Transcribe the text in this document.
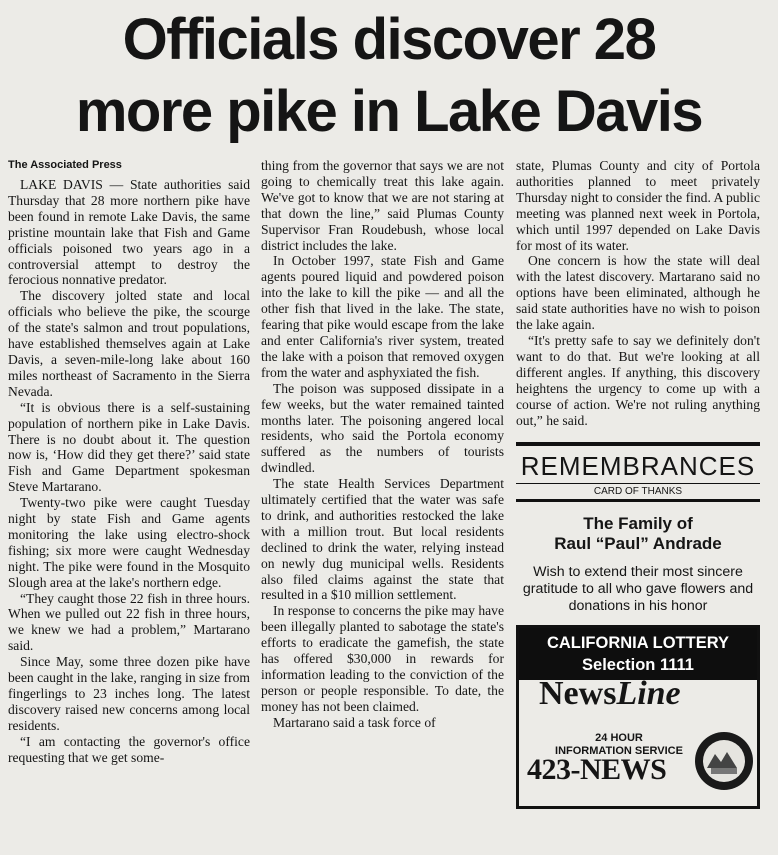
Officials discover 28
more pike in Lake Davis
The Associated Press

LAKE DAVIS — State authorities said Thursday that 28 more northern pike have been found in remote Lake Davis, the same pristine mountain lake that Fish and Game officials poisoned two years ago in a controversial attempt to destroy the ferocious nonnative predator.

The discovery jolted state and local officials who believe the pike, the scourge of the state's salmon and trout populations, have established themselves again at Lake Davis, a seven-mile-long lake about 160 miles northeast of Sacramento in the Sierra Nevada.

“It is obvious there is a self-sustaining population of northern pike in Lake Davis. There is no doubt about it. The question now is, ‘How did they get there?’ said state Fish and Game Department spokesman Steve Martarano.

Twenty-two pike were caught Tuesday night by state Fish and Game agents monitoring the lake using electro-shock fishing; six more were caught Wednesday night. The pike were found in the Mosquito Slough area at the lake's northern edge.

“They caught those 22 fish in three hours. When we pulled out 22 fish in three hours, we knew we had a problem,” Martarano said.

Since May, some three dozen pike have been caught in the lake, ranging in size from fingerlings to 23 inches long. The latest discovery raised new concerns among local residents.

“I am contacting the governor's office requesting that we get some-

thing from the governor that says we are not going to chemically treat this lake again. We've got to know that we are not staring at that down the line,” said Plumas County Supervisor Fran Roudebush, whose local district includes the lake.

In October 1997, state Fish and Game agents poured liquid and powdered poison into the lake to kill the pike — and all the other fish that lived in the lake. The state, fearing that pike would escape from the lake and enter California's river system, treated the lake with a poison that removed oxygen from the water and asphyxiated the fish.

The poison was supposed dissipate in a few weeks, but the water remained tainted months later. The poisoning angered local residents, who said the Portola economy suffered as the numbers of tourists dwindled.

The state Health Services Department ultimately certified that the water was safe to drink, and authorities restocked the lake with a million trout. But local residents declined to drink the water, relying instead on newly dug municipal wells. Residents also filed claims against the state that resulted in a $10 million settlement.

In response to concerns the pike may have been illegally planted to sabotage the state's efforts to eradicate the gamefish, the state has offered $30,000 in rewards for information leading to the conviction of the person or people responsible. To date, the money has not been claimed.

Martarano said a task force of

state, Plumas County and city of Portola authorities planned to meet privately Thursday night to consider the find. A public meeting was planned next week in Portola, which until 1997 depended on Lake Davis for most of its water.

One concern is how the state will deal with the latest discovery. Martarano said no options have been eliminated, although he said state authorities have no wish to poison the lake again.

“It's pretty safe to say we definitely don't want to do that. But we're looking at all different angles. If anything, this discovery heightens the urgency to come up with a course of action. We're not ruling anything out,” he said.

REMEMBRANCES
CARD OF THANKS
The Family of
Raul “Paul” Andrade
Wish to extend their most sincere gratitude to all who gave flowers and donations in his honor
CALIFORNIA LOTTERY
Selection 1111
NewsLine
24 HOUR
INFORMATION SERVICE
423-NEWS
